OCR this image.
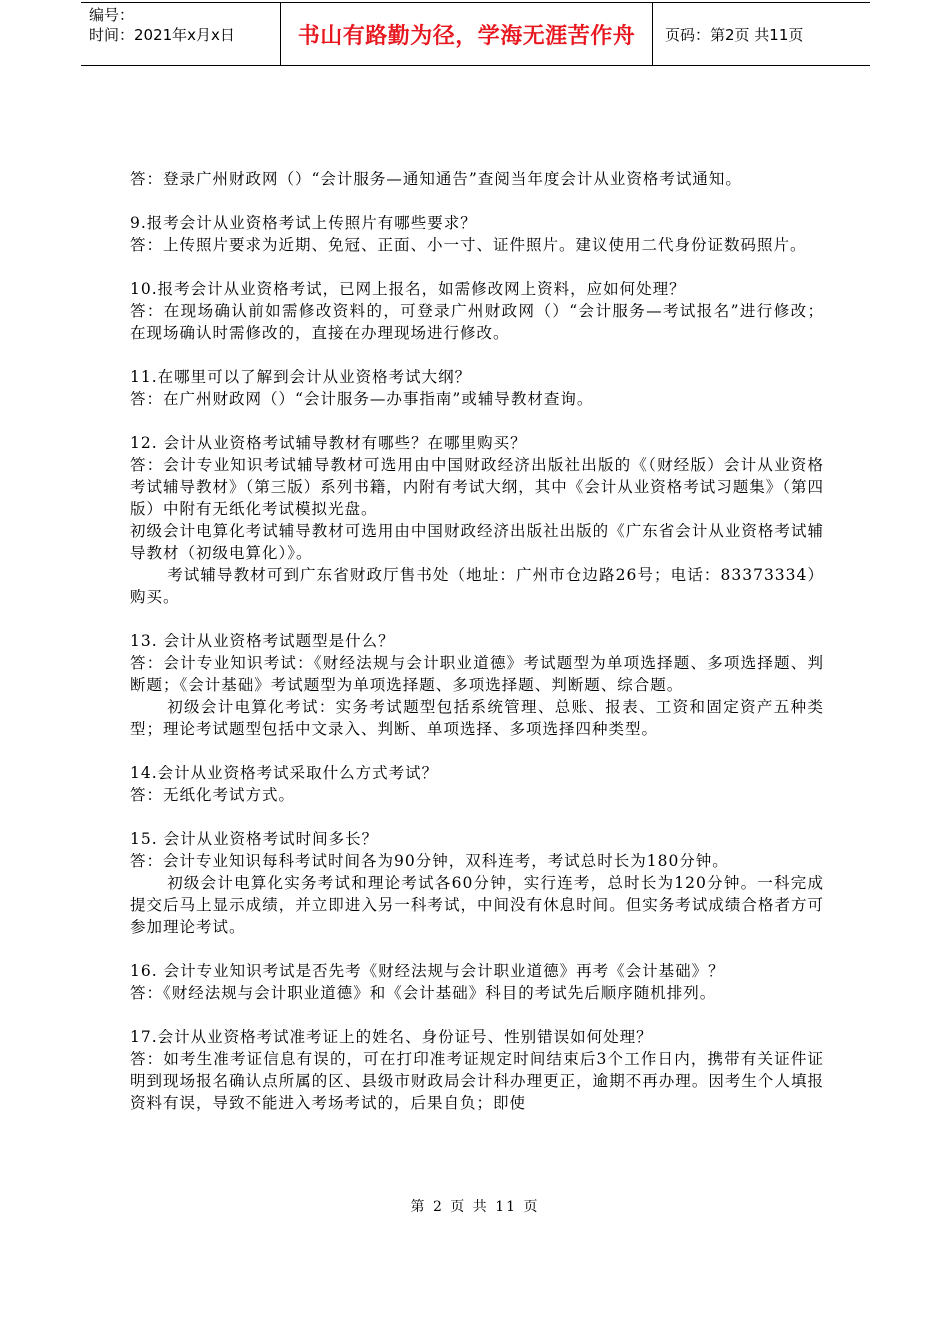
编号：
时间：2021年x月x日	书山有路勤为径，学海无涯苦作舟 页码：第2页 共11页

答：登录广州财政网（）“会计服务—通知通告”查阅当年度会计从业资格考试通知。

9.报考会计从业资格考试上传照片有哪些要求？

答：上传照片要求为近期、免冠、正面、小一寸、证件照片。建议使用二代身份证数码照片。

10.报考会计从业资格考试，已网上报名，如需修改网上资料，应如何处理？

答：在现场确认前如需修改资料的，可登录广州财政网（）“会计服务—考试报名”进行修改；在现场确认时需修改的，直接在办理现场进行修改。

11.在哪里可以了解到会计从业资格考试大纲？

答：在广州财政网（）“会计服务—办事指南”或辅导教材查询。

12. 会计从业资格考试辅导教材有哪些？在哪里购买？

答：会计专业知识考试辅导教材可选用由中国财政经济出版社出版的《（财经版）会计从业资格考试辅导教材》（第三版）系列书籍，内附有考试大纲，其中《会计从业资格考试习题集》（第四版）中附有无纸化考试模拟光盘。

初级会计电算化考试辅导教材可选用由中国财政经济出版社出版的《广东省会计从业资格考试辅导教材（初级电算化）》。

考试辅导教材可到广东省财政厅售书处（地址：广州市仓边路26号；电话：83373334）购买。

13. 会计从业资格考试题型是什么？

答：会计专业知识考试：《财经法规与会计职业道德》考试题型为单项选择题、多项选择题、判断题；《会计基础》考试题型为单项选择题、多项选择题、判断题、综合题。

初级会计电算化考试：实务考试题型包括系统管理、总账、报表、工资和固定资产五种类型；理论考试题型包括中文录入、判断、单项选择、多项选择四种类型。

14.会计从业资格考试采取什么方式考试？

答：无纸化考试方式。

15. 会计从业资格考试时间多长？

答：会计专业知识每科考试时间各为90分钟，双科连考，考试总时长为180分钟。

初级会计电算化实务考试和理论考试各60分钟，实行连考，总时长为120分钟。一科完成提交后马上显示成绩，并立即进入另一科考试，中间没有休息时间。但实务考试成绩合格者方可参加理论考试。

16. 会计专业知识考试是否先考《财经法规与会计职业道德》再考《会计基础》？

答：《财经法规与会计职业道德》和《会计基础》科目的考试先后顺序随机排列。

17.会计从业资格考试准考证上的姓名、身份证号、性别错误如何处理？

答：如考生准考证信息有误的，可在打印准考证规定时间结束后3个工作日内，携带有关证件证明到现场报名确认点所属的区、县级市财政局会计科办理更正，逾期不再办理。因考生个人填报资料有误，导致不能进入考场考试的，后果自负；即使

第 2 页 共 11 页
